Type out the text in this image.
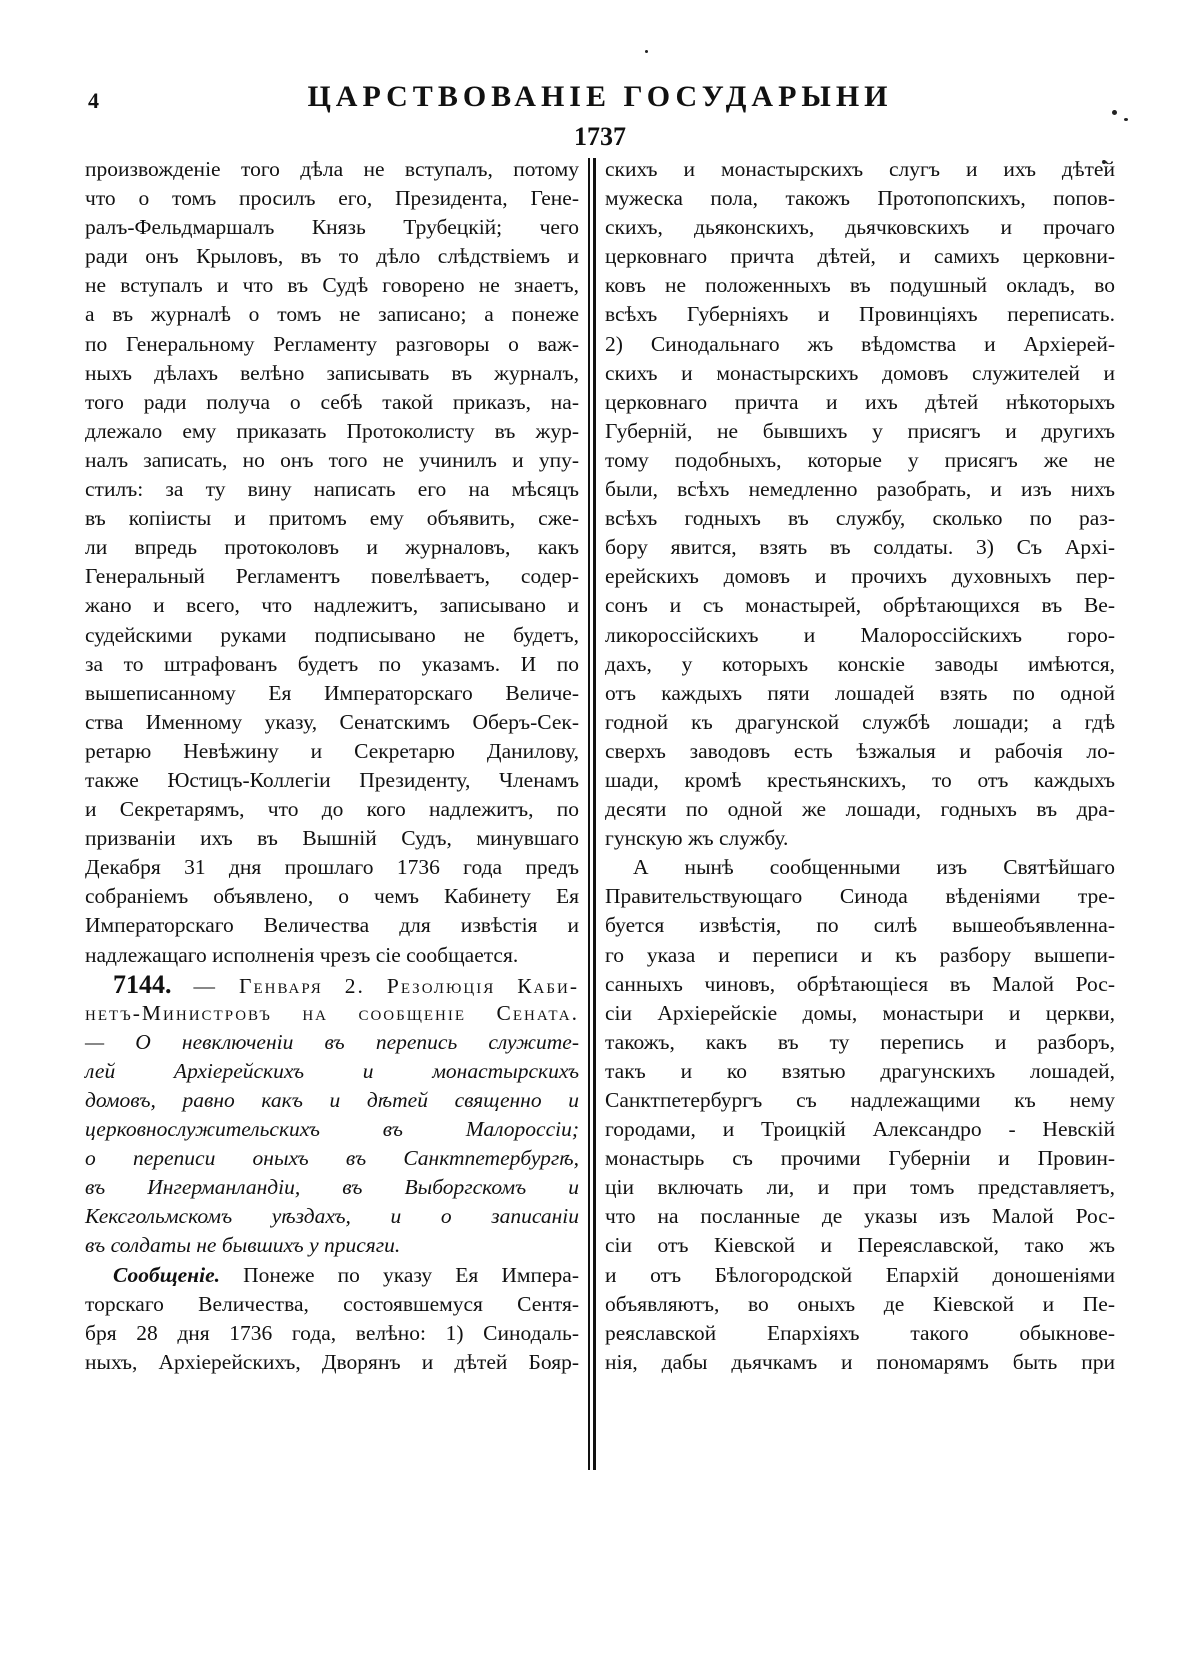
4	ЦАРСТВОВАНІЕ ГОСУДАРЫНИ
1737
произвожденіе того дѣла не вступалъ, потому
что о томъ просилъ его, Президента, Гене-
ралъ-Фельдмаршалъ Князь Трубецкій; чего
ради онъ Крыловъ, въ то дѣло слѣдствіемъ и
не вступалъ и что въ Судѣ говорено не знаетъ,
а въ журналѣ о томъ не записано; а понеже
по Генеральному Регламенту разговоры о важ-
ныхъ дѣлахъ велѣно записывать въ журналъ,
того ради получа о себѣ такой приказъ, на-
длежало ему приказать Протоколисту въ жур-
налъ записать, но онъ того не учинилъ и упу-
стилъ: за ту вину написать его на мѣсяцъ
въ копіисты и притомъ ему объявить, сже-
ли впредь протоколовъ и журналовъ, какъ
Генеральный Регламентъ повелѣваетъ, содер-
жано и всего, что надлежитъ, записывано и
судейскими руками подписывано не будетъ,
за то штрафованъ будетъ по указамъ. И по
вышеписанному Ея Императорскаго Величе-
ства Именному указу, Сенатскимъ Оберъ-Сек-
ретарю Невѣжину и Секретарю Данилову,
также Юстицъ-Коллегіи Президенту, Членамъ
и Секретарямъ, что до кого надлежитъ, по
призваніи ихъ въ Вышній Судъ, минувшаго
Декабря 31 дня прошлаго 1736 года предъ
собраніемъ объявлено, о чемъ Кабинету Ея
Императорскаго Величества для извѣстія и
надлежащаго исполненія чрезъ сіе сообщается.
7144. — Генваря 2. Резолюція Каби-
нетъ-Министровъ на сообщеніе Сената.
— О невключеніи въ перепись служите-
лей Архіерейскихъ и монастырскихъ
домовъ, равно какъ и дѣтей священно и
церковнослужительскихъ въ Малороссіи;
о переписи оныхъ въ Санктпетербургѣ,
въ Ингерманландіи, въ Выборгскомъ и
Кексгольмскомъ уѣздахъ, и о записаніи
въ солдаты не бывшихъ у присяги.
Сообщеніе. Понеже по указу Ея Импера-
торскаго Величества, состоявшемуся Сентя-
бря 28 дня 1736 года, велѣно: 1) Синодаль-
ныхъ, Архіерейскихъ, Дворянъ и дѣтей Бояр-
скихъ и монастырскихъ слугъ и ихъ дѣтей
мужеска пола, такожъ Протопопскихъ, попов-
скихъ, дьяконскихъ, дьячковскихъ и прочаго
церковнаго причта дѣтей, и самихъ церковни-
ковъ не положенныхъ въ подушный окладъ, во
всѣхъ Губерніяхъ и Провинціяхъ переписать.
2) Синодальнаго жъ вѣдомства и Архіерей-
скихъ и монастырскихъ домовъ служителей и
церковнаго причта и ихъ дѣтей нѣкоторыхъ
Губерній, не бывшихъ у присягъ и другихъ
тому подобныхъ, которые у присягъ же не
были, всѣхъ немедленно разобрать, и изъ нихъ
всѣхъ годныхъ въ службу, сколько по раз-
бору явится, взять въ солдаты. 3) Съ Архі-
ерейскихъ домовъ и прочихъ духовныхъ пер-
сонъ и съ монастырей, обрѣтающихся въ Ве-
ликороссійскихъ и Малороссійскихъ горо-
дахъ, у которыхъ конскіе заводы имѣются,
отъ каждыхъ пяти лошадей взять по одной
годной къ драгунской службѣ лошади; а гдѣ
сверхъ заводовъ есть ѣзжалыя и рабочія ло-
шади, кромѣ крестьянскихъ, то отъ каждыхъ
десяти по одной же лошади, годныхъ въ дра-
гунскую жъ службу.
А нынѣ сообщенными изъ Святѣйшаго
Правительствующаго Синода вѣденіями тре-
буется извѣстія, по силѣ вышеобъявленна-
го указа и переписи и къ разбору вышепи-
санныхъ чиновъ, обрѣтающіеся въ Малой Рос-
сіи Архіерейскіе домы, монастыри и церкви,
такожъ, какъ въ ту перепись и разборъ,
такъ и ко взятью драгунскихъ лошадей,
Санктпетербургъ съ надлежащими къ нему
городами, и Троицкій Александро - Невскій
монастырь съ прочими Губерніи и Провин-
ціи включать ли, и при томъ представляетъ,
что на посланные де указы изъ Малой Рос-
сіи отъ Кіевской и Переяславской, тако жъ
и отъ Бѣлогородской Епархій доношеніями
объявляютъ, во оныхъ де Кіевской и Пе-
реяславской Епархіяхъ такого обыкнове-
нія, дабы дьячкамъ и пономарямъ быть при
